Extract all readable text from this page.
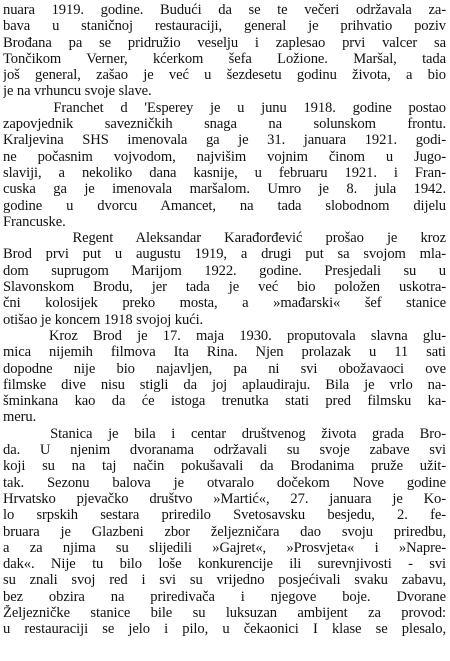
nuara 1919. godine. Budući da se te večeri održavala za-
bava u staničnoj restauraciji, general je prihvatio poziv
Brođana pa se pridružio veselju i zaplesao prvi valcer sa
Tončikom Verner, kćerkom šefa Ložione. Maršal, tada
još general, zašao je već u šezdesetu godinu života, a bio
je na vrhuncu svoje slave.

Franchet d 'Esperey je u junu 1918. godine postao
zapovjednik savezničkih snaga na solunskom frontu.
Kraljevina SHS imenovala ga je 31. januara 1921. godi-
ne počasnim vojvodom, najvišim vojnim činom u Jugo-
slaviji, a nekoliko dana kasnije, u februaru 1921. i Fran-
cuska ga je imenovala maršalom. Umro je 8. jula 1942.
godine u dvorcu Amancet, na tada slobodnom dijelu
Francuske.

Regent Aleksandar Karađorđević prošao je kroz
Brod prvi put u augustu 1919, a drugi put sa svojom mla-
dom suprugom Marijom 1922. godine. Presjedali su u
Slavonskom Brodu, jer tada je već bio položen uskotra-
čni kolosijek preko mosta, a »mađarski« šef stanice
otišao je koncem 1918 svojoj kući.

Kroz Brod je 17. maja 1930. proputovala slavna glu-
mica nijemih filmova Ita Rina. Njen prolazak u 11 sati
dopodne nije bio najavljen, pa ni svi obožavaoci ove
filmske dive nisu stigli da joj aplaudiraju. Bila je vrlo na-
šminkana kao da će istoga trenutka stati pred filmsku ka-
meru.

Stanica je bila i centar društvenog života grada Bro-
da. U njenim dvoranama održavali su svoje zabave svi
koji su na taj način pokušavali da Brodanima pruže užit-
tak. Sezonu balova je otvaralo dočekom Nove godine
Hrvatsko pjevačko društvo »Martić«, 27. januara je Ko-
lo srpskih sestara priredilo Svetosavsku besjedu, 2. fe-
bruara je Glazbeni zbor željezničara dao svoju priredbu,
a za njima su slijedili »Gajret«, »Prosvjeta« i »Napre-
dak«. Nije tu bilo loše konkurencije ili surevnjivosti - svi
su znali svoj red i svi su vrijedno posjećivali svaku zabavu,
bez obzira na priredivača i njegove boje. Dvorane
Željezničke stanice bile su luksuzan ambijent za provod:
u restauraciji se jelo i pilo, u čekaonici I klase se plesalo,
